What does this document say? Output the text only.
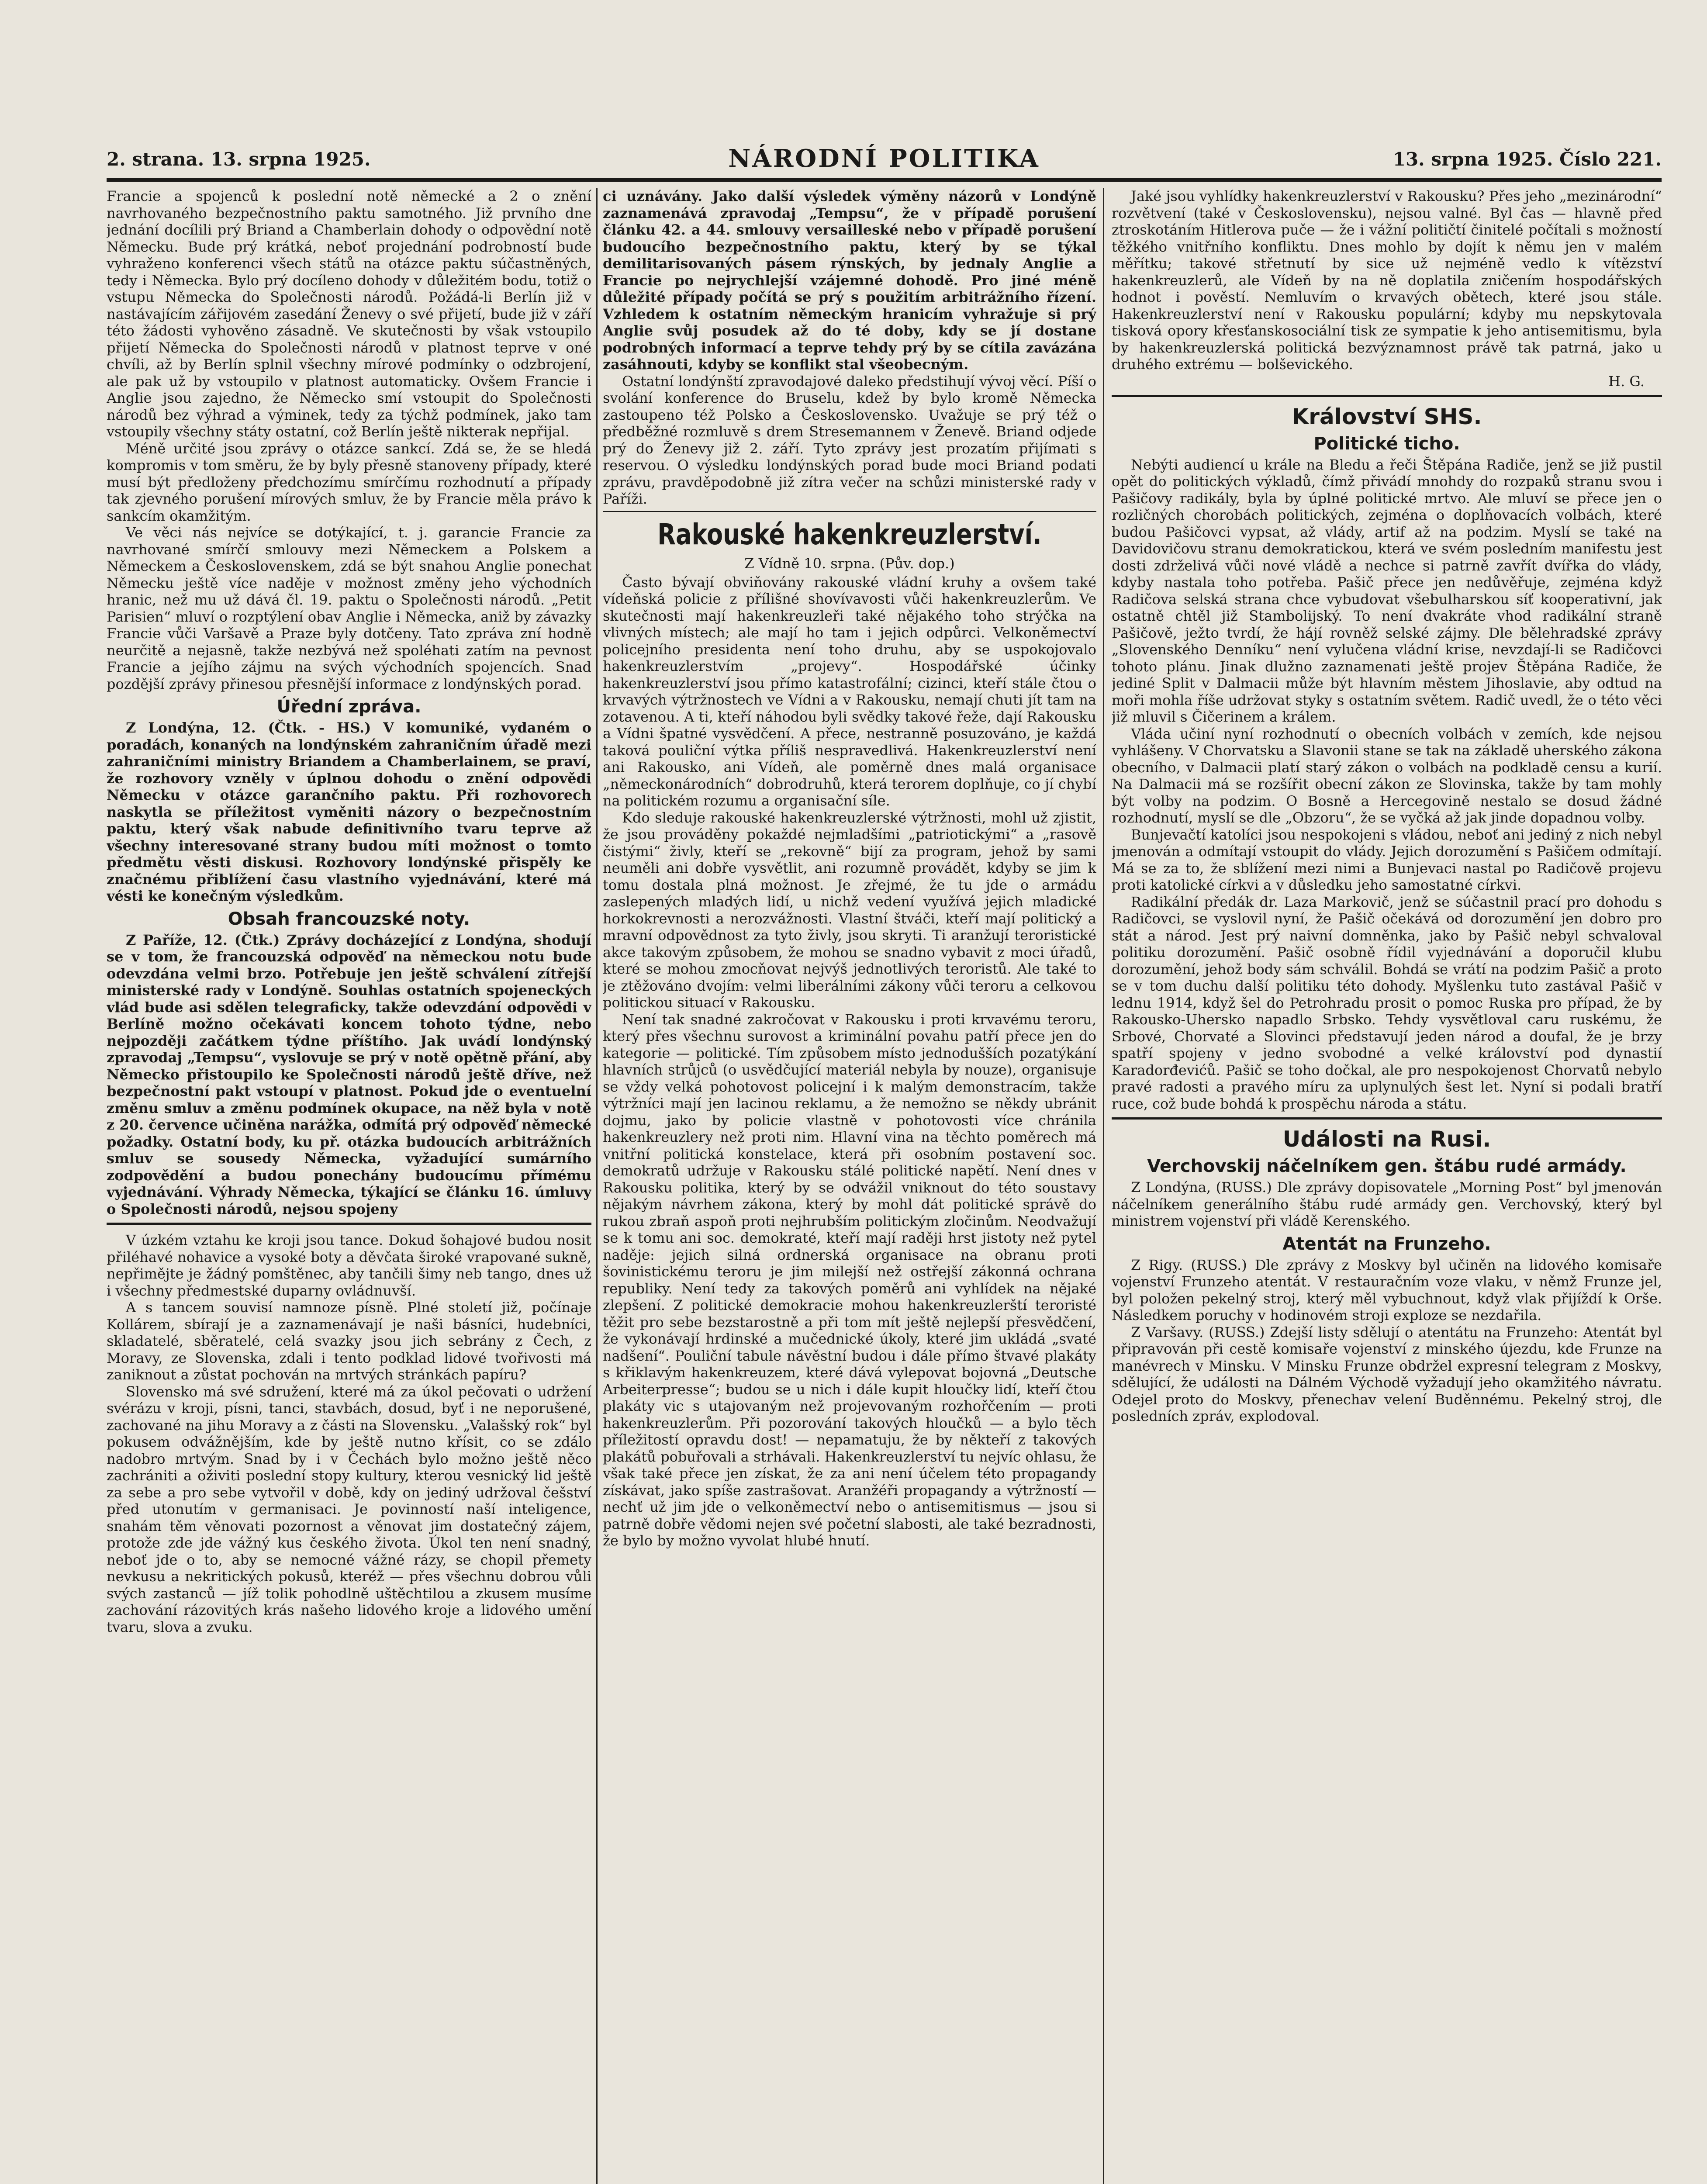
2. strana. 13. srpna 1925.	NÁRODNÍ POLITIKA	13. srpna 1925. Číslo 221.

Francie a spojenců k poslední notě německé a 2 o znění navrhovaného bezpečnostního paktu samotného. Již prvního dne jednání docílili prý Briand a Chamberlain dohody o odpovědní notě Německu. Bude prý krátká, neboť projednání podrobností bude vyhraženo konferenci všech států na otázce paktu súčastněných, tedy i Německa. Bylo prý docíleno dohody v důležitém bodu, totiž o vstupu Německa do Společnosti národů. Požádá-li Berlín již v nastávajícím zářijovém zasedání Ženevy o své přijetí, bude již v září této žádosti vyhověno zásadně. Ve skutečnosti by však vstoupilo přijetí Německa do Společnosti národů v platnost teprve v oné chvíli, až by Berlín splnil všechny mírové podmínky o odzbrojení, ale pak už by vstoupilo v platnost automaticky. Ovšem Francie i Anglie jsou zajedno, že Německo smí vstoupit do Společnosti národů bez výhrad a výminek, tedy za týchž podmínek, jako tam vstoupily všechny státy ostatní, což Berlín ještě nikterak nepřijal.

Méně určité jsou zprávy o otázce sankcí. Zdá se, že se hledá kompromis v tom směru, že by byly přesně stanoveny případy, které musí být předloženy předchozímu smírčímu rozhodnutí a případy tak zjevného porušení mírových smluv, že by Francie měla právo k sankcím okamžitým.

Ve věci nás nejvíce se dotýkající, t. j. garancie Francie za navrhované smírčí smlouvy mezi Německem a Polskem a Německem a Československem, zdá se být snahou Anglie ponechat Německu ještě více naděje v možnost změny jeho východních hranic, než mu už dává čl. 19. paktu o Společnosti národů. „Petit Parisien“ mluví o rozptýlení obav Anglie i Německa, aniž by závazky Francie vůči Varšavě a Praze byly dotčeny. Tato zpráva zní hodně neurčitě a nejasně, takže nezbývá než spoléhati zatím na pevnost Francie a jejího zájmu na svých východních spojencích. Snad pozdější zprávy přinesou přesnější informace z londýnských porad.

Úřední zpráva.

Z Londýna, 12. (Čtk. - HS.) V komuniké, vydaném o poradách, konaných na londýnském zahraničním úřadě mezi zahraničními ministry Briandem a Chamberlainem, se praví, že rozhovory vzněly v úplnou dohodu o znění odpovědi Německu v otázce garančního paktu. Při rozhovorech naskytla se příležitost vyměniti názory o bezpečnostním paktu, který však nabude definitivního tvaru teprve až všechny interesované strany budou míti možnost o tomto předmětu věsti diskusi. Rozhovory londýnské přispěly ke značnému přiblížení času vlastního vyjednávání, které má vésti ke konečným výsledkům.

Obsah francouzské noty.

Z Paříže, 12. (Čtk.) Zprávy docházející z Londýna, shodují se v tom, že francouzská odpověď na německou notu bude odevzdána velmi brzo. Potřebuje jen ještě schválení zítřejší ministerské rady v Londýně. Souhlas ostatních spojeneckých vlád bude asi sdělen telegraficky, takže odevzdání odpovědi v Berlíně možno očekávati koncem tohoto týdne, nebo nejpozději začátkem týdne příštího. Jak uvádí londýnský zpravodaj „Tempsu“, vyslovuje se prý v notě opětně přání, aby Německo přistoupilo ke Společnosti národů ještě dříve, než bezpečnostní pakt vstoupí v platnost. Pokud jde o eventuelní změnu smluv a změnu podmínek okupace, na něž byla v notě z 20. července učiněna narážka, odmítá prý odpověď německé požadky. Ostatní body, ku př. otázka budoucích arbitrážních smluv se sousedy Německa, vyžadující sumárního zodpovědění a budou ponechány budoucímu přímému vyjednávání. Výhrady Německa, týkající se článku 16. úmluvy o Společnosti národů, nejsou spojeny

V úzkém vztahu ke kroji jsou tance. Dokud šohajové budou nosit přiléhavé nohavice a vysoké boty a děvčata široké vrapované sukně, nepřimějte je žádný pomštěnec, aby tančili šimy neb tango, dnes už i všechny předmestské duparny ovládnuvší.

A s tancem souvisí namnoze písně. Plné století již, počínaje Kollárem, sbírají je a zaznamenávají je naši básníci, hudebníci, skladatelé, sběratelé, celá svazky jsou jich sebrány z Čech, z Moravy, ze Slovenska, zdali i tento podklad lidové tvořivosti má zaniknout a zůstat pochován na mrtvých stránkách papíru?

Slovensko má své sdružení, které má za úkol pečovati o udržení svérázu v kroji, písni, tanci, stavbách, dosud, byť i ne neporušené, zachované na jihu Moravy a z části na Slovensku. „Valašský rok“ byl pokusem odvážnějším, kde by ještě nutno křísit, co se zdálo nadobro mrtvým. Snad by i v Čechách bylo možno ještě něco zachrániti a oživiti poslední stopy kultury, kterou vesnický lid ještě za sebe a pro sebe vytvořil v době, kdy on jediný udržoval češství před utonutím v germanisaci. Je povinností naší inteligence, snahám těm věnovati pozornost a věnovat jim dostatečný zájem, protože zde jde vážný kus českého života. Úkol ten není snadný, neboť jde o to, aby se nemocné vážné rázy, se chopil přemety nevkusu a nekritických pokusů, kteréž — přes všechnu dobrou vůli svých zastanců — jíž tolik pohodlně uštěchtilou a zkusem musíme zachování rázovitých krás našeho lidového kroje a lidového umění tvaru, slova a zvuku.

ci uznávány. Jako další výsledek výměny názorů v Londýně zaznamenává zpravodaj „Tempsu“, že v případě porušení článku 42. a 44. smlouvy versailleské nebo v případě porušení budoucího bezpečnostního paktu, který by se týkal demilitarisovaných pásem rýnských, by jednaly Anglie a Francie po nejrychlejší vzájemné dohodě. Pro jiné méně důležité případy počítá se prý s použitím arbitrážního řízení. Vzhledem k ostatním německým hranicím vyhražuje si prý Anglie svůj posudek až do té doby, kdy se jí dostane podrobných informací a teprve tehdy prý by se cítila zavázána zasáhnouti, kdyby se konflikt stal všeobecným.

Ostatní londýnští zpravodajové daleko předstihují vývoj věcí. Píší o svolání konference do Bruselu, kdež by bylo kromě Německa zastoupeno též Polsko a Československo. Uvažuje se prý též o předběžné rozmluvě s drem Stresemannem v Ženevě. Briand odjede prý do Ženevy již 2. září. Tyto zprávy jest prozatím přijímati s reservou. O výsledku londýnských porad bude moci Briand podati zprávu, pravděpodobně již zítra večer na schůzi ministerské rady v Paříži.

Rakouské hakenkreuzlerství.
Z Vídně 10. srpna. (Pův. dop.)

Často bývají obviňovány rakouské vládní kruhy a ovšem také vídeňská policie z přílišné shovívavosti vůči hakenkreuzlerům. Ve skutečnosti mají hakenkreuzleři také nějakého toho strýčka na vlivných místech; ale mají ho tam i jejich odpůrci. Velkoněmectví policejního presidenta není toho druhu, aby se uspokojovalo hakenkreuzlerstvím „projevy“. Hospodářské účinky hakenkreuzlerství jsou přímo katastrofální; cizinci, kteří stále čtou o krvavých výtržnostech ve Vídni a v Rakousku, nemají chuti jít tam na zotavenou. A ti, kteří náhodou byli svědky takové řeže, dají Rakousku a Vídni špatné vysvědčení. A přece, nestranně posuzováno, je každá taková pouliční výtka příliš nespravedlivá. Hakenkreuzlerství není ani Rakousko, ani Vídeň, ale poměrně dnes malá organisace „německonárodních“ dobrodruhů, která terorem doplňuje, co jí chybí na politickém rozumu a organisační síle.

Kdo sleduje rakouské hakenkreuzlerské výtržnosti, mohl už zjistit, že jsou prováděny pokaždé nejmladšími „patriotickými“ a „rasově čistými“ živly, kteří se „rekovně“ bijí za program, jehož by sami neuměli ani dobře vysvětlit, ani rozumně provádět, kdyby se jim k tomu dostala plná možnost. Je zřejmé, že tu jde o armádu zaslepených mladých lidí, u nichž vedení využívá jejich mladické horkokrevnosti a nerozvážnosti. Vlastní štváči, kteří mají politický a mravní odpovědnost za tyto živly, jsou skryti. Ti aranžují teroristické akce takovým způsobem, že mohou se snadno vybavit z moci úřadů, které se mohou zmocňovat nejvýš jednotlivých teroristů. Ale také to je ztěžováno dvojím: velmi liberálními zákony vůči teroru a celkovou politickou situací v Rakousku.

Není tak snadné zakročovat v Rakousku i proti krvavému teroru, který přes všechnu surovost a kriminální povahu patří přece jen do kategorie — politické. Tím způsobem místo jednodušších pozatýkání hlavních strůjců (o usvědčující materiál nebyla by nouze), organisuje se vždy velká pohotovost policejní i k malým demonstracím, takže výtržníci mají jen lacinou reklamu, a že nemožno se někdy ubránit dojmu, jako by policie vlastně v pohotovosti více chránila hakenkreuzlery než proti nim. Hlavní vina na těchto poměrech má vnitřní politická konstelace, která při osobním postavení soc. demokratů udržuje v Rakousku stálé politické napětí. Není dnes v Rakousku politika, který by se odvážil vniknout do této soustavy nějakým návrhem zákona, který by mohl dát politické správě do rukou zbraň aspoň proti nejhrubším politickým zločinům. Neodvažují se k tomu ani soc. demokraté, kteří mají raději hrst jistoty než pytel naděje: jejich silná ordnerská organisace na obranu proti šovinistickému teroru je jim milejší než ostřejší zákonná ochrana republiky. Není tedy za takových poměrů ani vyhlídek na nějaké zlepšení. Z politické demokracie mohou hakenkreuzlerští teroristé těžit pro sebe bezstarostně a při tom mít ještě nejlepší přesvědčení, že vykonávají hrdinské a mučednické úkoly, které jim ukládá „svaté nadšení“. Pouliční tabule návěstní budou i dále přímo štvavé plakáty s křiklavým hakenkreuzem, které dává vylepovat bojovná „Deutsche Arbeiterpresse“; budou se u nich i dále kupit hloučky lidí, kteří čtou plakáty vic s utajovaným než projevovaným rozhořčením — proti hakenkreuzlerům. Při pozorování takových hloučků — a bylo těch příležitostí opravdu dost! — nepamatuju, že by někteří z takových plakátů pobuřovali a strhávali. Hakenkreuzlerství tu nejvíc ohlasu, že však také přece jen získat, že za ani není účelem této propagandy získávat, jako spíše zastrašovat. Aranžéři propagandy a výtržností — nechť už jim jde o velkoněmectví nebo o antisemitismus — jsou si patrně dobře vědomi nejen své početní slabosti, ale také bezradnosti, že bylo by možno vyvolat hlubé hnutí.

Jaké jsou vyhlídky hakenkreuzlerství v Rakousku? Přes jeho „mezinárodní“ rozvětvení (také v Československu), nejsou valné. Byl čas — hlavně před ztroskotáním Hitlerova puče — že i vážní političtí činitelé počítali s možností těžkého vnitřního konfliktu. Dnes mohlo by dojít k němu jen v malém měřítku; takové střetnutí by sice už nejméně vedlo k vítězství hakenkreuzlerů, ale Vídeň by na ně doplatila zničením hospodářských hodnot i pověstí. Nemluvím o krvavých obětech, které jsou stále. Hakenkreuzlerství není v Rakousku populární; kdyby mu nepskytovala tisková opory křesťanskosociální tisk ze sympatie k jeho antisemitismu, byla by hakenkreuzlerská politická bezvýznamnost právě tak patrná, jako u druhého extrému — bolševického.

H. G.
Království SHS.
Politické ticho.

Nebýti audiencí u krále na Bledu a řeči Štěpána Radiče, jenž se již pustil opět do politických výkladů, čímž přivádí mnohdy do rozpaků stranu svou i Pašičovy radikály, byla by úplné politické mrtvo. Ale mluví se přece jen o rozličných chorobách politických, zejména o doplňovacích volbách, které budou Pašičovci vypsat, až vlády, artif až na podzim. Myslí se také na Davidovičovu stranu demokratickou, která ve svém posledním manifestu jest dosti zdrželivá vůči nové vládě a nechce si patrně zavřít dvířka do vlády, kdyby nastala toho potřeba. Pašič přece jen nedůvěřuje, zejména když Radičova selská strana chce vybudovat všebulharskou síť kooperativní, jak ostatně chtěl již Stambolijský. To není dvakráte vhod radikální straně Pašičově, ježto tvrdí, že hájí rovněž selské zájmy. Dle bělehradské zprávy „Slovenského Denníku“ není vylučena vládní krise, nevzdají-li se Radičovci tohoto plánu. Jinak dlužno zaznamenati ještě projev Štěpána Radiče, že jediné Split v Dalmacii může být hlavním městem Jihoslavie, aby odtud na moři mohla říše udržovat styky s ostatním světem. Radič uvedl, že o této věci již mluvil s Čičerinem a králem.

Vláda učiní nyní rozhodnutí o obecních volbách v zemích, kde nejsou vyhlášeny. V Chorvatsku a Slavonii stane se tak na základě uherského zákona obecního, v Dalmacii platí starý zákon o volbách na podkladě censu a kurií. Na Dalmacii má se rozšířit obecní zákon ze Slovinska, takže by tam mohly být volby na podzim. O Bosně a Hercegovině nestalo se dosud žádné rozhodnutí, myslí se dle „Obzoru“, že se vyčká až jak jinde dopadnou volby.

Bunjevačtí katolíci jsou nespokojeni s vládou, neboť ani jediný z nich nebyl jmenován a odmítají vstoupit do vlády. Jejich dorozumění s Pašičem odmítají. Má se za to, že sblížení mezi nimi a Bunjevaci nastal po Radičově projevu proti katolické církvi a v důsledku jeho samostatné církvi.

Radikální předák dr. Laza Markovič, jenž se súčastnil prací pro dohodu s Radičovci, se vyslovil nyní, že Pašič očekává od dorozumění jen dobro pro stát a národ. Jest prý naivní domněnka, jako by Pašič nebyl schvaloval politiku dorozumění. Pašič osobně řídil vyjednávání a doporučil klubu dorozumění, jehož body sám schválil. Bohdá se vrátí na podzim Pašič a proto se v tom duchu další politiku této dohody. Myšlenku tuto zastával Pašič v lednu 1914, když šel do Petrohradu prosit o pomoc Ruska pro případ, že by Rakousko-Uhersko napadlo Srbsko. Tehdy vysvětloval caru ruskému, že Srbové, Chorvaté a Slovinci představují jeden národ a doufal, že je brzy spatří spojeny v jedno svobodné a velké království pod dynastií Karadorđevićů. Pašič se toho dočkal, ale pro nespokojenost Chorvatů nebylo pravé radosti a pravého míru za uplynulých šest let. Nyní si podali bratří ruce, což bude bohdá k prospěchu národa a státu.

Události na Rusi.
Verchovskij náčelníkem gen. štábu rudé armády.

Z Londýna, (RUSS.) Dle zprávy dopisovatele „Morning Post“ byl jmenován náčelníkem generálního štábu rudé armády gen. Verchovský, který byl ministrem vojenství při vládě Kerenského.

Atentát na Frunzeho.

Z Rigy. (RUSS.) Dle zprávy z Moskvy byl učiněn na lidového komisaře vojenství Frunzeho atentát. V restauračním voze vlaku, v němž Frunze jel, byl položen pekelný stroj, který měl vybuchnout, když vlak přijíždí k Orše. Následkem poruchy v hodinovém stroji exploze se nezdařila.

Z Varšavy. (RUSS.) Zdejší listy sdělují o atentátu na Frunzeho: Atentát byl připravován při cestě komisaře vojenství z minského újezdu, kde Frunze na manévrech v Minsku. V Minsku Frunze obdržel expresní telegram z Moskvy, sdělující, že události na Dálném Východě vyžadují jeho okamžitého návratu. Odejel proto do Moskvy, přenechav velení Buděnnému. Pekelný stroj, dle posledních zpráv, explodoval.
